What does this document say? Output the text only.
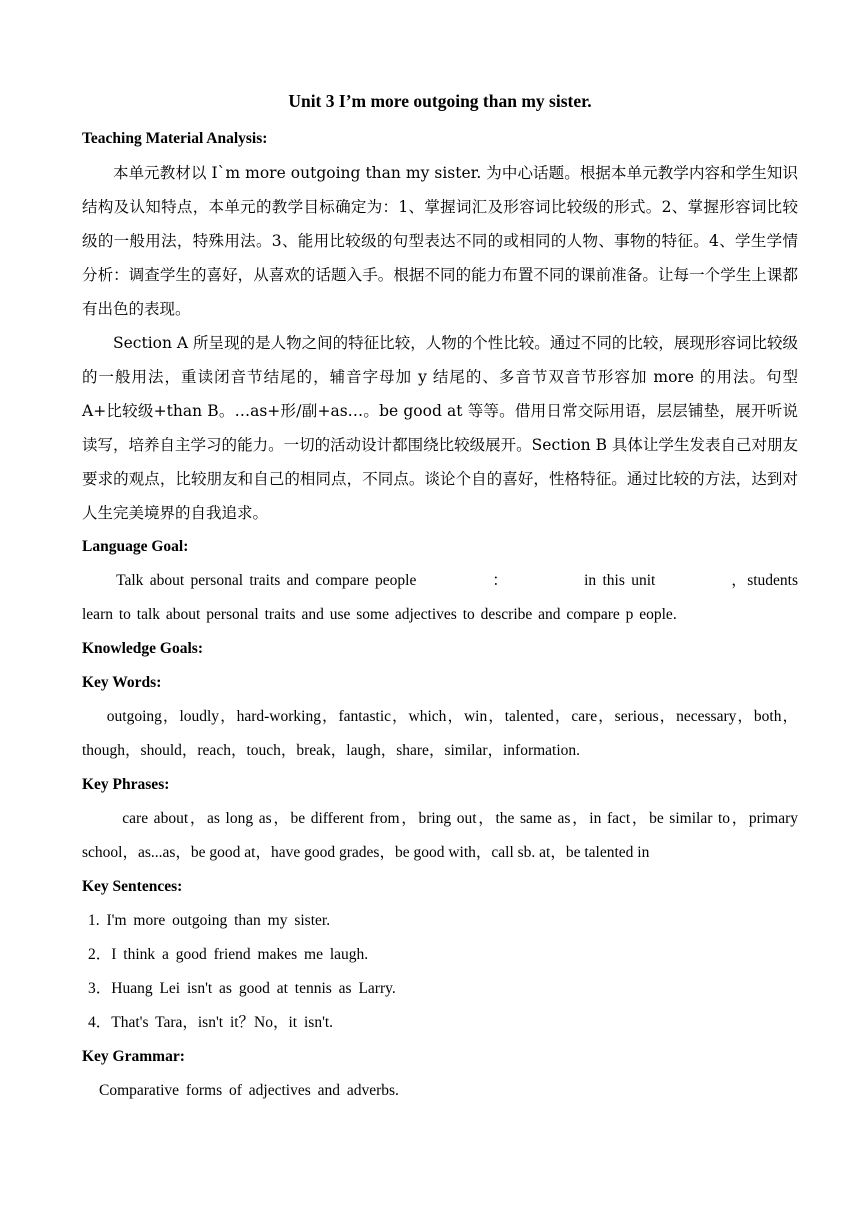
Unit 3 I’m more outgoing than my sister.
Teaching Material Analysis:

本单元教材以 I`m more outgoing than my sister. 为中心话题。根据本单元教学内容和学生知识结构及认知特点，本单元的教学目标确定为：1、掌握词汇及形容词比较级的形式。2、掌握形容词比较级的一般用法，特殊用法。3、能用比较级的句型表达不同的或相同的人物、事物的特征。4、学生学情分析：调查学生的喜好，从喜欢的话题入手。根据不同的能力布置不同的课前准备。让每一个学生上课都有出色的表现。

Section A 所呈现的是人物之间的特征比较，人物的个性比较。通过不同的比较，展现形容词比较级的一般用法，重读闭音节结尾的，辅音字母加 y 结尾的、多音节双音节形容加 more 的用法。句型 A+比较级+than B。…as+形/副+as…。be good at 等等。借用日常交际用语，层层铺垫，展开听说读写，培养自主学习的能力。一切的活动设计都围绕比较级展开。Section B 具体让学生发表自己对朋友要求的观点，比较朋友和自己的相同点，不同点。谈论个自的喜好，性格特征。通过比较的方法，达到对人生完美境界的自我追求。

Language Goal:

Talk about personal traits and compare people            ：            in this unit            ，students learn to talk about personal traits and use some adjectives to describe and compare p eople.

Knowledge Goals:
Key Words:

outgoing，loudly，hard-working，fantastic，which，win，talented，care，serious，necessary，both，though，should，reach，touch，break，laugh，share，similar，information.

Key Phrases:

care about，as long as，be different from，bring out，the same as，in fact，be similar to，primary school，as...as，be good at，have good grades，be good with，call sb. at，be talented in

Key Sentences:

1. I'm more outgoing than my sister.

2．I think a good friend makes me laugh.

3．Huang Lei isn't as good at tennis as Larry.

4．That's Tara，isn't it？No，it isn't.

Key Grammar:

Comparative forms of adjectives and adverbs.
